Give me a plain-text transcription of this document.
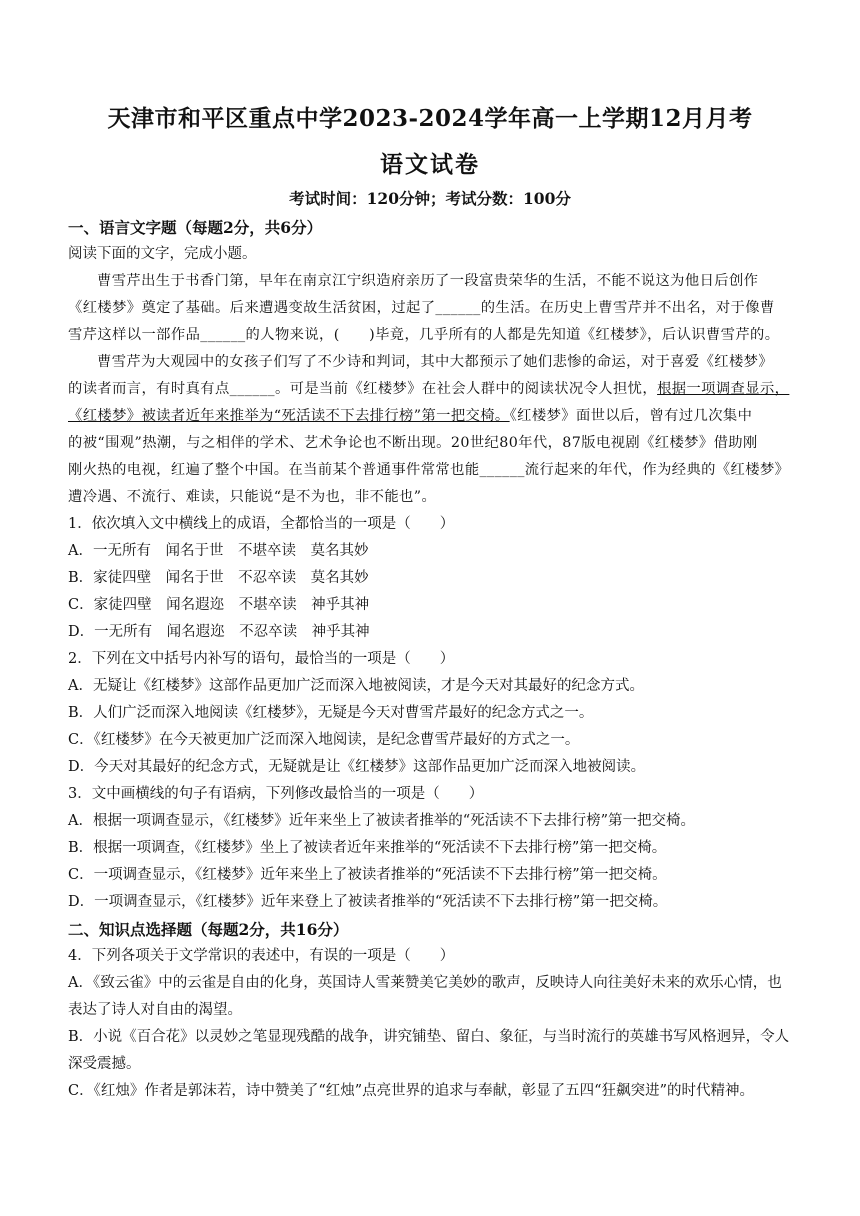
天津市和平区重点中学2023-2024学年高一上学期12月月考
语文试卷
考试时间：120分钟；考试分数：100分
一、语言文字题（每题2分，共6分）
阅读下面的文字，完成小题。
曹雪芹出生于书香门第，早年在南京江宁织造府亲历了一段富贵荣华的生活，不能不说这为他日后创作
《红楼梦》奠定了基础。后来遭遇变故生活贫困，过起了______的生活。在历史上曹雪芹并不出名，对于像曹
雪芹这样以一部作品______的人物来说，(　　)毕竟，几乎所有的人都是先知道《红楼梦》，后认识曹雪芹的。
曹雪芹为大观园中的女孩子们写了不少诗和判词，其中大都预示了她们悲惨的命运，对于喜爱《红楼梦》
的读者而言，有时真有点______。可是当前《红楼梦》在社会人群中的阅读状况令人担忧，根据一项调查显示，
《红楼梦》被读者近年来推举为“死活读不下去排行榜”第一把交椅。《红楼梦》面世以后，曾有过几次集中
的被“围观”热潮，与之相伴的学术、艺术争论也不断出现。20世纪80年代，87版电视剧《红楼梦》借助刚
刚火热的电视，红遍了整个中国。在当前某个普通事件常常也能______流行起来的年代，作为经典的《红楼梦》
遭冷遇、不流行、难读，只能说“是不为也，非不能也”。
1．依次填入文中横线上的成语，全都恰当的一项是（　　）
A．一无所有　闻名于世　不堪卒读　莫名其妙
B．家徒四壁　闻名于世　不忍卒读　莫名其妙
C．家徒四壁　闻名遐迩　不堪卒读　神乎其神
D．一无所有　闻名遐迩　不忍卒读　神乎其神
2．下列在文中括号内补写的语句，最恰当的一项是（　　）
A．无疑让《红楼梦》这部作品更加广泛而深入地被阅读，才是今天对其最好的纪念方式。
B．人们广泛而深入地阅读《红楼梦》，无疑是今天对曹雪芹最好的纪念方式之一。
C．《红楼梦》在今天被更加广泛而深入地阅读，是纪念曹雪芹最好的方式之一。
D．今天对其最好的纪念方式，无疑就是让《红楼梦》这部作品更加广泛而深入地被阅读。
3．文中画横线的句子有语病，下列修改最恰当的一项是（　　）
A．根据一项调查显示，《红楼梦》近年来坐上了被读者推举的“死活读不下去排行榜”第一把交椅。
B．根据一项调查，《红楼梦》坐上了被读者近年来推举的“死活读不下去排行榜”第一把交椅。
C．一项调查显示，《红楼梦》近年来坐上了被读者推举的“死活读不下去排行榜”第一把交椅。
D．一项调查显示，《红楼梦》近年来登上了被读者推举的“死活读不下去排行榜”第一把交椅。
二、知识点选择题（每题2分，共16分）
4．下列各项关于文学常识的表述中，有误的一项是（　　）
A．《致云雀》中的云雀是自由的化身，英国诗人雪莱赞美它美妙的歌声，反映诗人向往美好未来的欢乐心情，也表达了诗人对自由的渴望。
B．小说《百合花》以灵妙之笔显现残酷的战争，讲究铺垫、留白、象征，与当时流行的英雄书写风格迥异，令人深受震撼。
C．《红烛》作者是郭沫若，诗中赞美了“红烛”点亮世界的追求与奉献，彰显了五四“狂飙突进”的时代精神。
